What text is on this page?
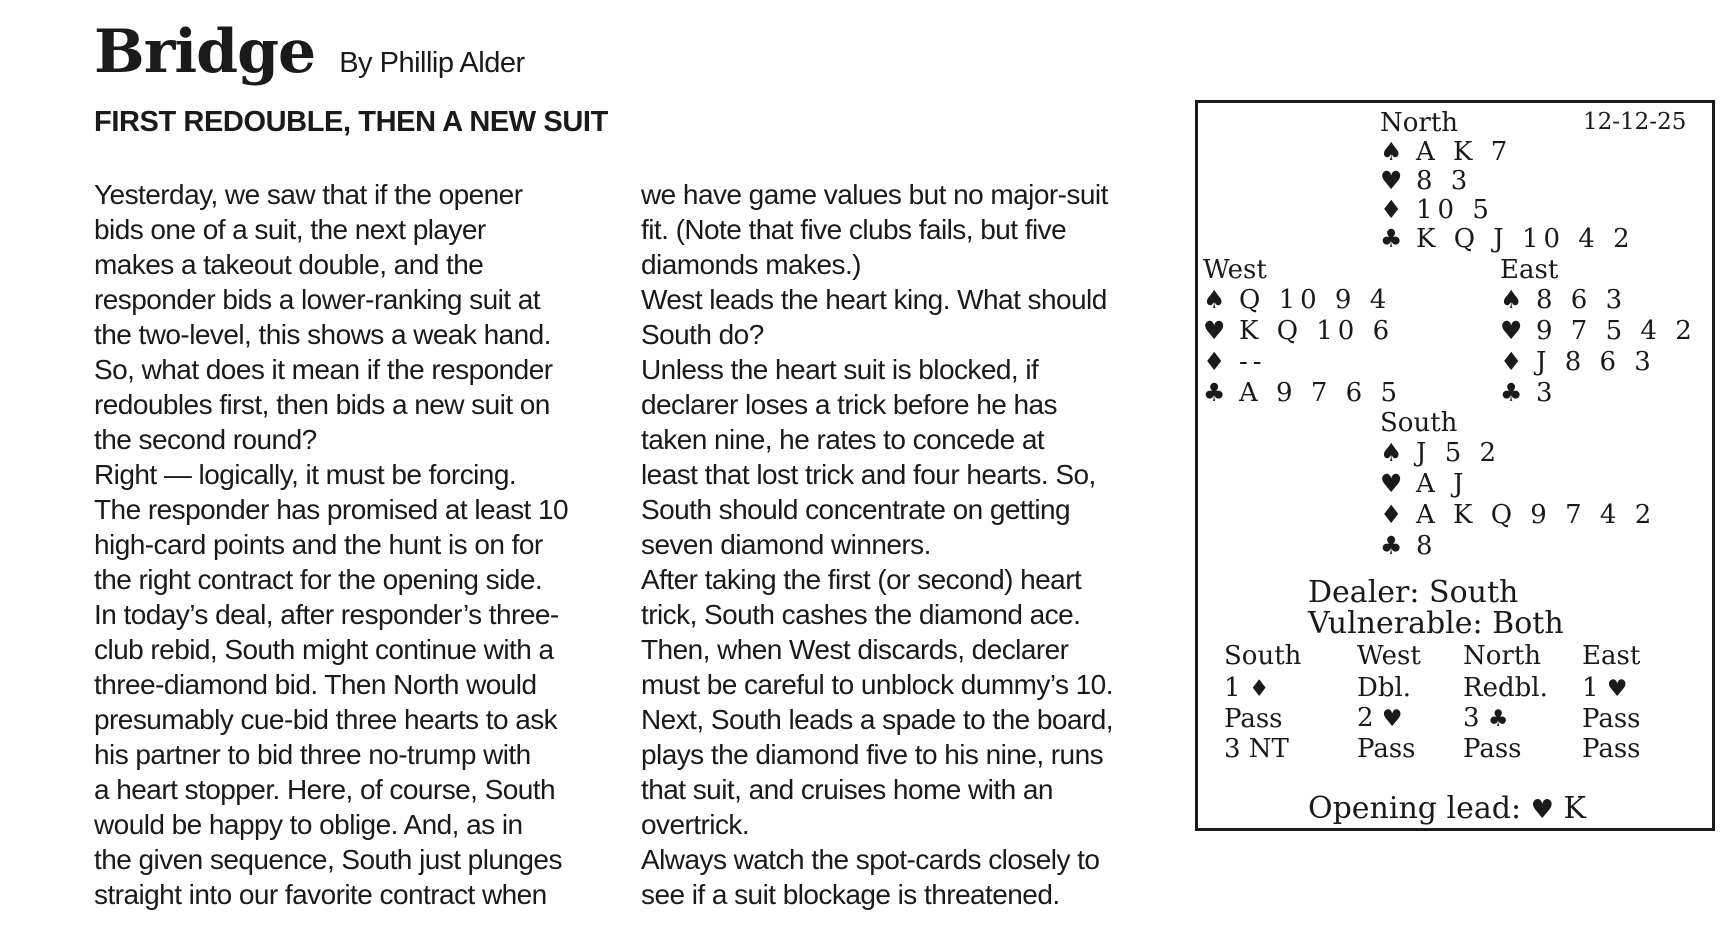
Bridge By Phillip Alder
FIRST REDOUBLE, THEN A NEW SUIT

Yesterday, we saw that if the opener

bids one of a suit, the next player

makes a takeout double, and the

responder bids a lower-ranking suit at

the two-level, this shows a weak hand.

So, what does it mean if the responder

redoubles first, then bids a new suit on

the second round?

Right — logically, it must be forcing.

The responder has promised at least 10

high-card points and the hunt is on for

the right contract for the opening side.

In today’s deal, after responder’s three-

club rebid, South might continue with a

three-diamond bid. Then North would

presumably cue-bid three hearts to ask

his partner to bid three no-trump with

a heart stopper. Here, of course, South

would be happy to oblige. And, as in

the given sequence, South just plunges

straight into our favorite contract when

we have game values but no major-suit

fit. (Note that five clubs fails, but five

diamonds makes.)

West leads the heart king. What should

South do?

Unless the heart suit is blocked, if

declarer loses a trick before he has

taken nine, he rates to concede at

least that lost trick and four hearts. So,

South should concentrate on getting

seven diamond winners.

After taking the first (or second) heart

trick, South cashes the diamond ace.

Then, when West discards, declarer

must be careful to unblock dummy’s 10.

Next, South leads a spade to the board,

plays the diamond five to his nine, runs

that suit, and cruises home with an

overtrick.

Always watch the spot-cards closely to

see if a suit blockage is threatened.

12-12-25
North
♠ A K 7
♥ 8 3
♦ 10 5
♣ K Q J 10 4 2
West
♠ Q 10 9 4
♥ K Q 10 6
♦ --
♣ A 9 7 6 5
East
♠ 8 6 3
♥ 9 7 5 4 2
♦ J 8 6 3
♣ 3
South
♠ J 5 2
♥ A J
♦ A K Q 9 7 4 2
♣ 8
Dealer: South
Vulnerable: Both
South
1 ♦
Pass
3 NT
West
Dbl.
2 ♥
Pass
North
Redbl.
3 ♣
Pass
East
1 ♥
Pass
Pass
Opening lead: ♥ K
